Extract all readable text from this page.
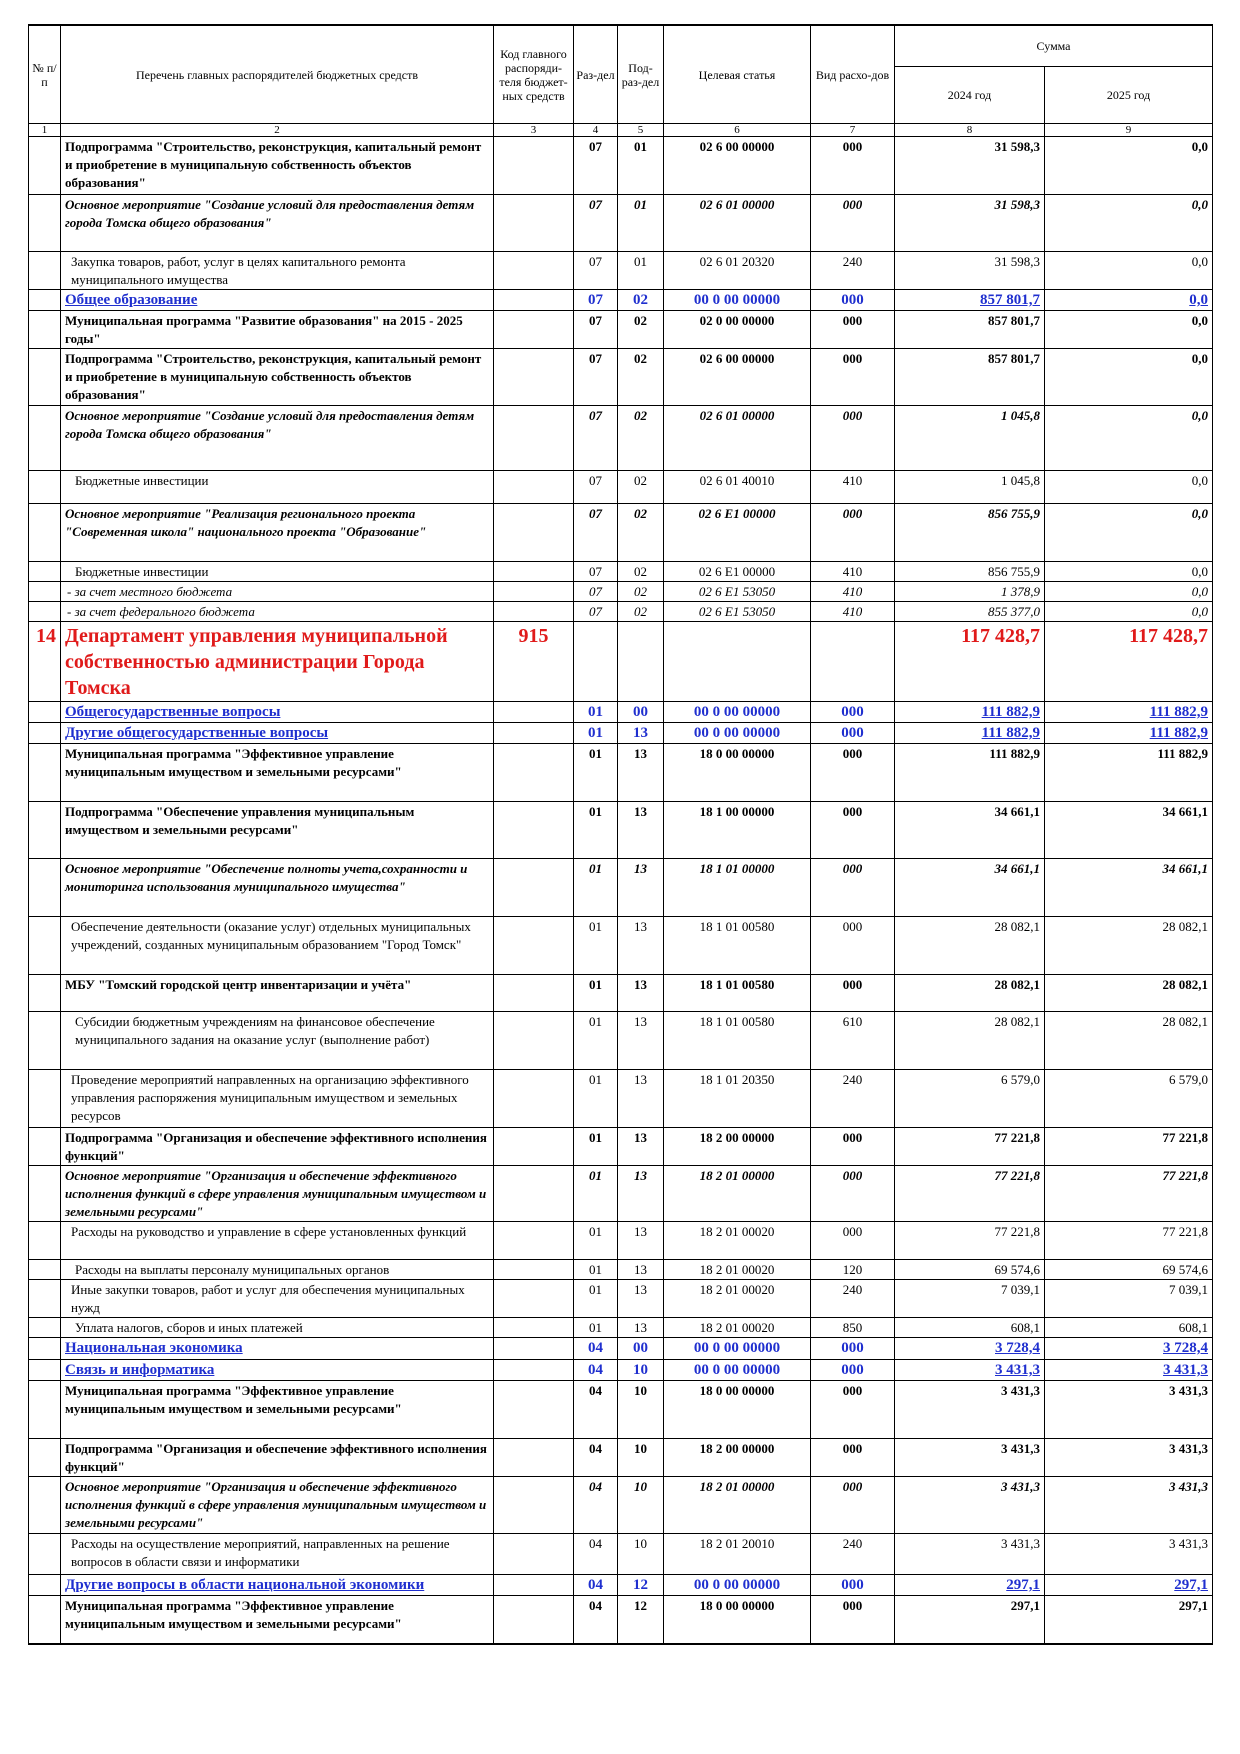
№ п/п	Перечень главных распорядителей бюджетных средств	Код главного распоряди-теля бюджет-ных средств	Раз-дел	Под-раз-дел	Целевая статья	Вид расхо-дов	Сумма	
							2024 год	2025 год
1	2	3	4	5	6	7	8	9
	Подпрограмма "Строительство, реконструкция, капитальный ремонт и приобретение в муниципальную собственность объектов образования"		07	01	02 6 00 00000	000	31 598,3	0,0
	Основное мероприятие "Создание условий для предоставления детям города Томска общего образования"		07	01	02 6 01 00000	000	31 598,3	0,0
	Закупка товаров, работ, услуг в целях капитального ремонта муниципального имущества		07	01	02 6 01 20320	240	31 598,3	0,0
	Общее образование		07	02	00 0 00 00000	000	857 801,7	0,0
	Муниципальная программа "Развитие образования" на 2015 - 2025 годы"		07	02	02 0 00 00000	000	857 801,7	0,0
	Подпрограмма "Строительство, реконструкция, капитальный ремонт и приобретение в муниципальную собственность объектов образования"		07	02	02 6 00 00000	000	857 801,7	0,0
	Основное мероприятие "Создание условий для предоставления детям города Томска общего образования"		07	02	02 6 01 00000	000	1 045,8	0,0
	Бюджетные инвестиции		07	02	02 6 01 40010	410	1 045,8	0,0
	Основное мероприятие "Реализация регионального проекта "Современная школа" национального проекта "Образование"		07	02	02 6 E1 00000	000	856 755,9	0,0
	Бюджетные инвестиции		07	02	02 6 E1 00000	410	856 755,9	0,0
	- за счет местного бюджета		07	02	02 6 E1 53050	410	1 378,9	0,0
	- за счет федерального бюджета		07	02	02 6 E1 53050	410	855 377,0	0,0
14	Департамент управления муниципальной собственностью администрации Города Томска	915					117 428,7	117 428,7
	Общегосударственные вопросы		01	00	00 0 00 00000	000	111 882,9	111 882,9
	Другие общегосударственные вопросы		01	13	00 0 00 00000	000	111 882,9	111 882,9
	Муниципальная программа "Эффективное управление муниципальным имуществом и земельными ресурсами"		01	13	18 0 00 00000	000	111 882,9	111 882,9
	Подпрограмма "Обеспечение управления муниципальным имуществом и земельными ресурсами"		01	13	18 1 00 00000	000	34 661,1	34 661,1
	Основное мероприятие "Обеспечение полноты учета,сохранности и мониторинга использования муниципального имущества"		01	13	18 1 01 00000	000	34 661,1	34 661,1
	Обеспечение деятельности (оказание услуг) отдельных муниципальных учреждений, созданных муниципальным образованием "Город Томск"		01	13	18 1 01 00580	000	28 082,1	28 082,1
	МБУ "Томский городской центр инвентаризации и учёта"		01	13	18 1 01 00580	000	28 082,1	28 082,1
	Субсидии бюджетным учреждениям на финансовое обеспечение муниципального задания на оказание услуг (выполнение работ)		01	13	18 1 01 00580	610	28 082,1	28 082,1
	Проведение мероприятий направленных на организацию эффективного управления распоряжения муниципальным имуществом и земельных ресурсов		01	13	18 1 01 20350	240	6 579,0	6 579,0
	Подпрограмма "Организация и обеспечение эффективного исполнения функций"		01	13	18 2 00 00000	000	77 221,8	77 221,8
	Основное мероприятие "Организация и обеспечение эффективного исполнения функций в сфере управления муниципальным имуществом и земельными ресурсами"		01	13	18 2 01 00000	000	77 221,8	77 221,8
	Расходы на руководство и управление в сфере установленных функций		01	13	18 2 01 00020	000	77 221,8	77 221,8
	Расходы на выплаты персоналу муниципальных органов		01	13	18 2 01 00020	120	69 574,6	69 574,6
	Иные закупки товаров, работ и услуг для обеспечения муниципальных нужд		01	13	18 2 01 00020	240	7 039,1	7 039,1
	Уплата налогов, сборов и иных платежей		01	13	18 2 01 00020	850	608,1	608,1
	Национальная экономика		04	00	00 0 00 00000	000	3 728,4	3 728,4
	Связь и информатика		04	10	00 0 00 00000	000	3 431,3	3 431,3
	Муниципальная программа "Эффективное управление муниципальным имуществом и земельными ресурсами"		04	10	18 0 00 00000	000	3 431,3	3 431,3
	Подпрограмма "Организация и обеспечение эффективного исполнения функций"		04	10	18 2 00 00000	000	3 431,3	3 431,3
	Основное мероприятие "Организация и обеспечение эффективного исполнения функций в сфере управления муниципальным имуществом и земельными ресурсами"		04	10	18 2 01 00000	000	3 431,3	3 431,3
	Расходы на осуществление мероприятий, направленных на решение вопросов в области связи и информатики		04	10	18 2 01 20010	240	3 431,3	3 431,3
	Другие вопросы в области национальной экономики		04	12	00 0 00 00000	000	297,1	297,1
	Муниципальная программа "Эффективное управление муниципальным имуществом и земельными ресурсами"		04	12	18 0 00 00000	000	297,1	297,1
